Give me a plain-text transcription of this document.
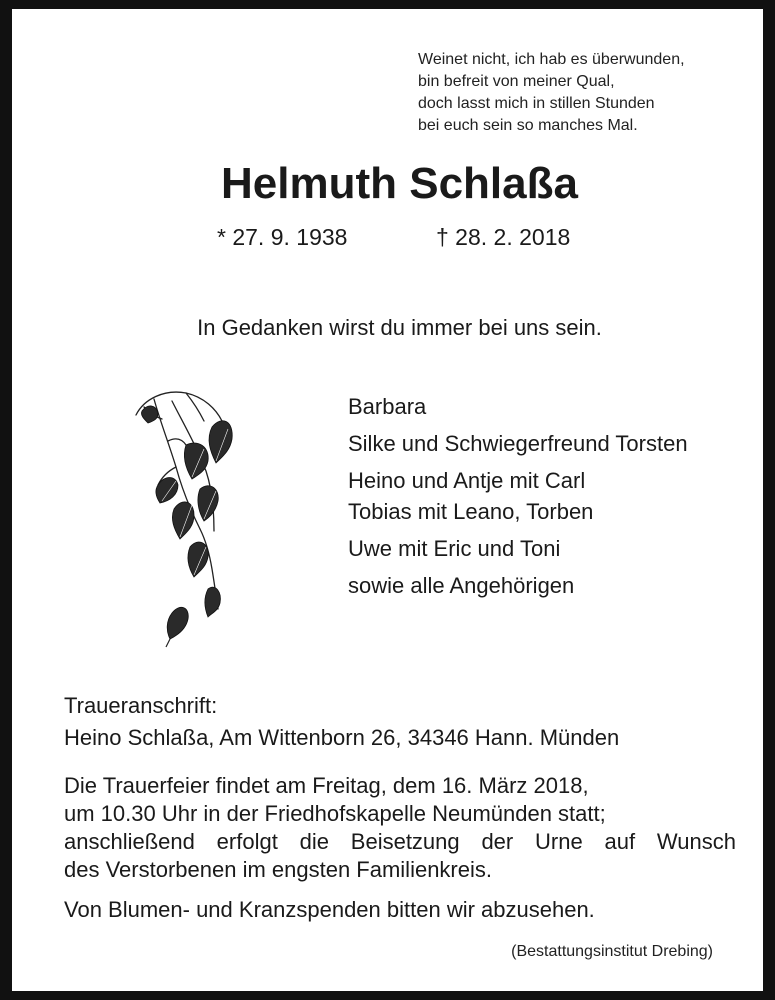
Weinet nicht, ich hab es überwunden,
bin befreit von meiner Qual,
doch lasst mich in stillen Stunden
bei euch sein so manches Mal.
Helmuth Schlaßa
* 27. 9. 1938	† 28. 2. 2018
In Gedanken wirst du immer bei uns sein.
Barbara
Silke und Schwiegerfreund Torsten
Heino und Antje mit Carl
Tobias mit Leano, Torben
Uwe mit Eric und Toni
sowie alle Angehörigen
Traueranschrift:
Heino Schlaßa, Am Wittenborn 26, 34346 Hann. Münden
Die Trauerfeier findet am Freitag, dem 16. März 2018,
um 10.30 Uhr in der Friedhofskapelle Neumünden statt;
anschließend erfolgt die Beisetzung der Urne auf Wunsch
des Verstorbenen im engsten Familienkreis.
Von Blumen- und Kranzspenden bitten wir abzusehen.
(Bestattungsinstitut Drebing)
